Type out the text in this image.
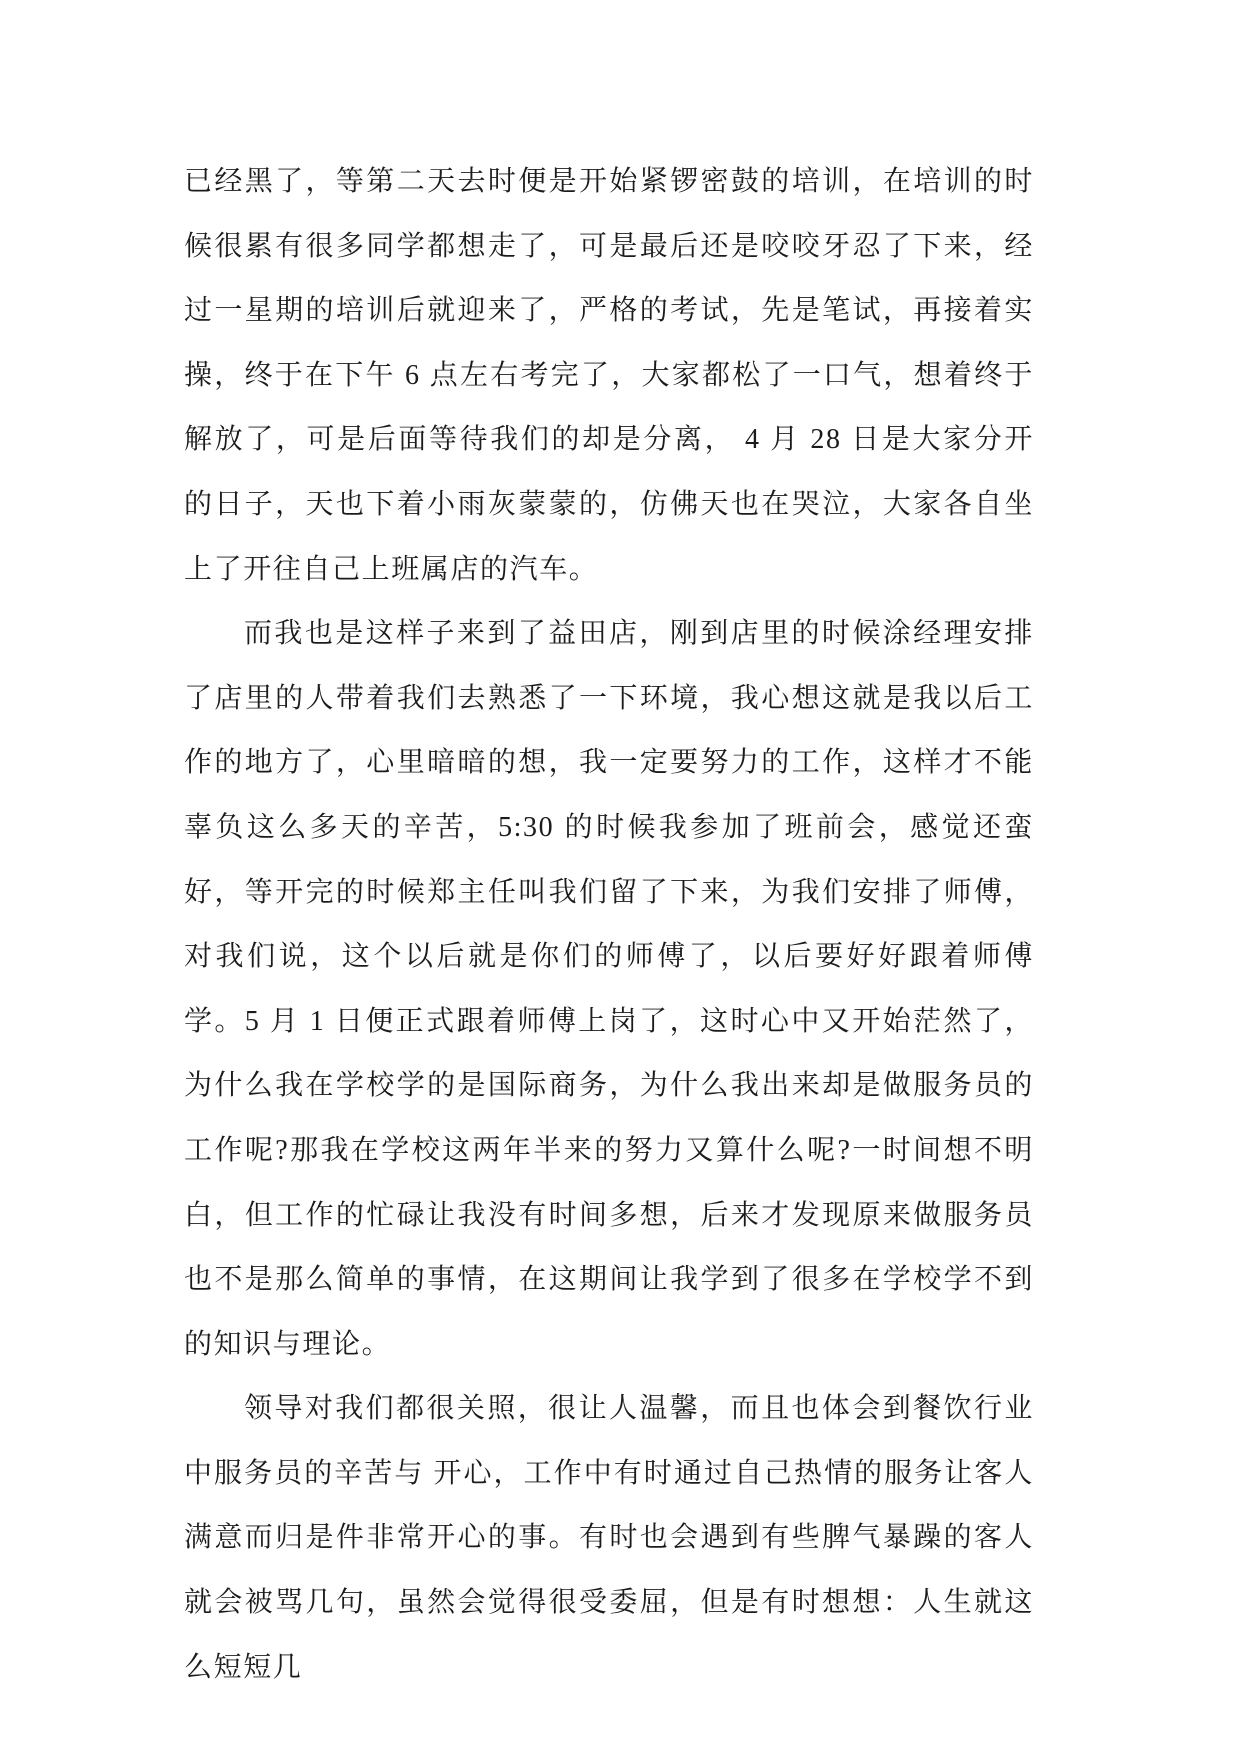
已经黑了，等第二天去时便是开始紧锣密鼓的培训，在培训的时候很累有很多同学都想走了，可是最后还是咬咬牙忍了下来，经过一星期的培训后就迎来了，严格的考试，先是笔试，再接着实操，终于在下午 6 点左右考完了，大家都松了一口气，想着终于解放了，可是后面等待我们的却是分离， 4 月 28 日是大家分开的日子，天也下着小雨灰蒙蒙的，仿佛天也在哭泣，大家各自坐上了开往自己上班属店的汽车。

而我也是这样子来到了益田店，刚到店里的时候涂经理安排了店里的人带着我们去熟悉了一下环境，我心想这就是我以后工作的地方了，心里暗暗的想，我一定要努力的工作，这样才不能辜负这么多天的辛苦，5:30 的时候我参加了班前会，感觉还蛮好，等开完的时候郑主任叫我们留了下来，为我们安排了师傅，对我们说，这个以后就是你们的师傅了，以后要好好跟着师傅学。5 月 1 日便正式跟着师傅上岗了，这时心中又开始茫然了，为什么我在学校学的是国际商务，为什么我出来却是做服务员的工作呢?那我在学校这两年半来的努力又算什么呢?一时间想不明白，但工作的忙碌让我没有时间多想，后来才发现原来做服务员也不是那么简单的事情，在这期间让我学到了很多在学校学不到的知识与理论。

领导对我们都很关照，很让人温馨，而且也体会到餐饮行业中服务员的辛苦与 开心，工作中有时通过自己热情的服务让客人满意而归是件非常开心的事。有时也会遇到有些脾气暴躁的客人就会被骂几句，虽然会觉得很受委屈，但是有时想想：人生就这么短短几
